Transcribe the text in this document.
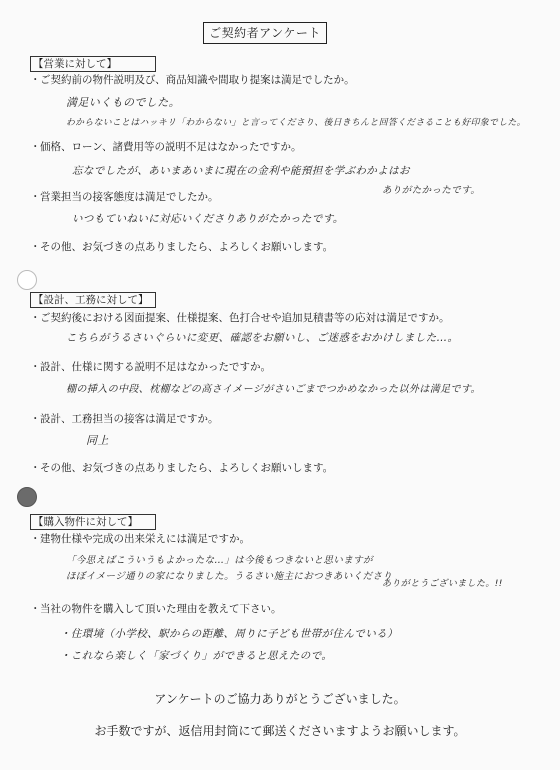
ご契約者アンケート
【営業に対して】
・ご契約前の物件説明及び、商品知識や間取り提案は満足でしたか。
満足いくものでした。
わからないことはハッキリ「わからない」と言ってくださり、後日きちんと回答くださることも好印象でした。
・価格、ローン、諸費用等の説明不足はなかったですか。
忘なでしたが、あいまあいまに現在の金利や能預担を学ぶわかよはお
ありがたかったです。
・営業担当の接客態度は満足でしたか。
いつもていねいに対応いくださりありがたかったです。
・その他、お気づきの点ありましたら、よろしくお願いします。
【設計、工務に対して】
・ご契約後における図面提案、仕様提案、色打合せや追加見積書等の応対は満足ですか。
こちらがうるさいぐらいに変更、確認をお願いし、ご迷惑をおかけしました…。
・設計、仕様に関する説明不足はなかったですか。
棚の挿入の中段、枕棚などの高さイメージがさいごまでつかめなかった以外は満足です。
・設計、工務担当の接客は満足ですか。
同上
・その他、お気づきの点ありましたら、よろしくお願いします。
【購入物件に対して】
・建物仕様や完成の出来栄えには満足ですか。
「今思えばこういうもよかったな…」は今後もつきないと思いますが
ほぼイメージ通りの家になりました。うるさい施主におつきあいくださり
ありがとうございました。!!
・当社の物件を購入して頂いた理由を教えて下さい。
・住環境（小学校、駅からの距離、周りに子ども世帯が住んでいる）
・これなら楽しく「家づくり」ができると思えたので。
アンケートのご協力ありがとうございました。
お手数ですが、返信用封筒にて郵送くださいますようお願いします。
